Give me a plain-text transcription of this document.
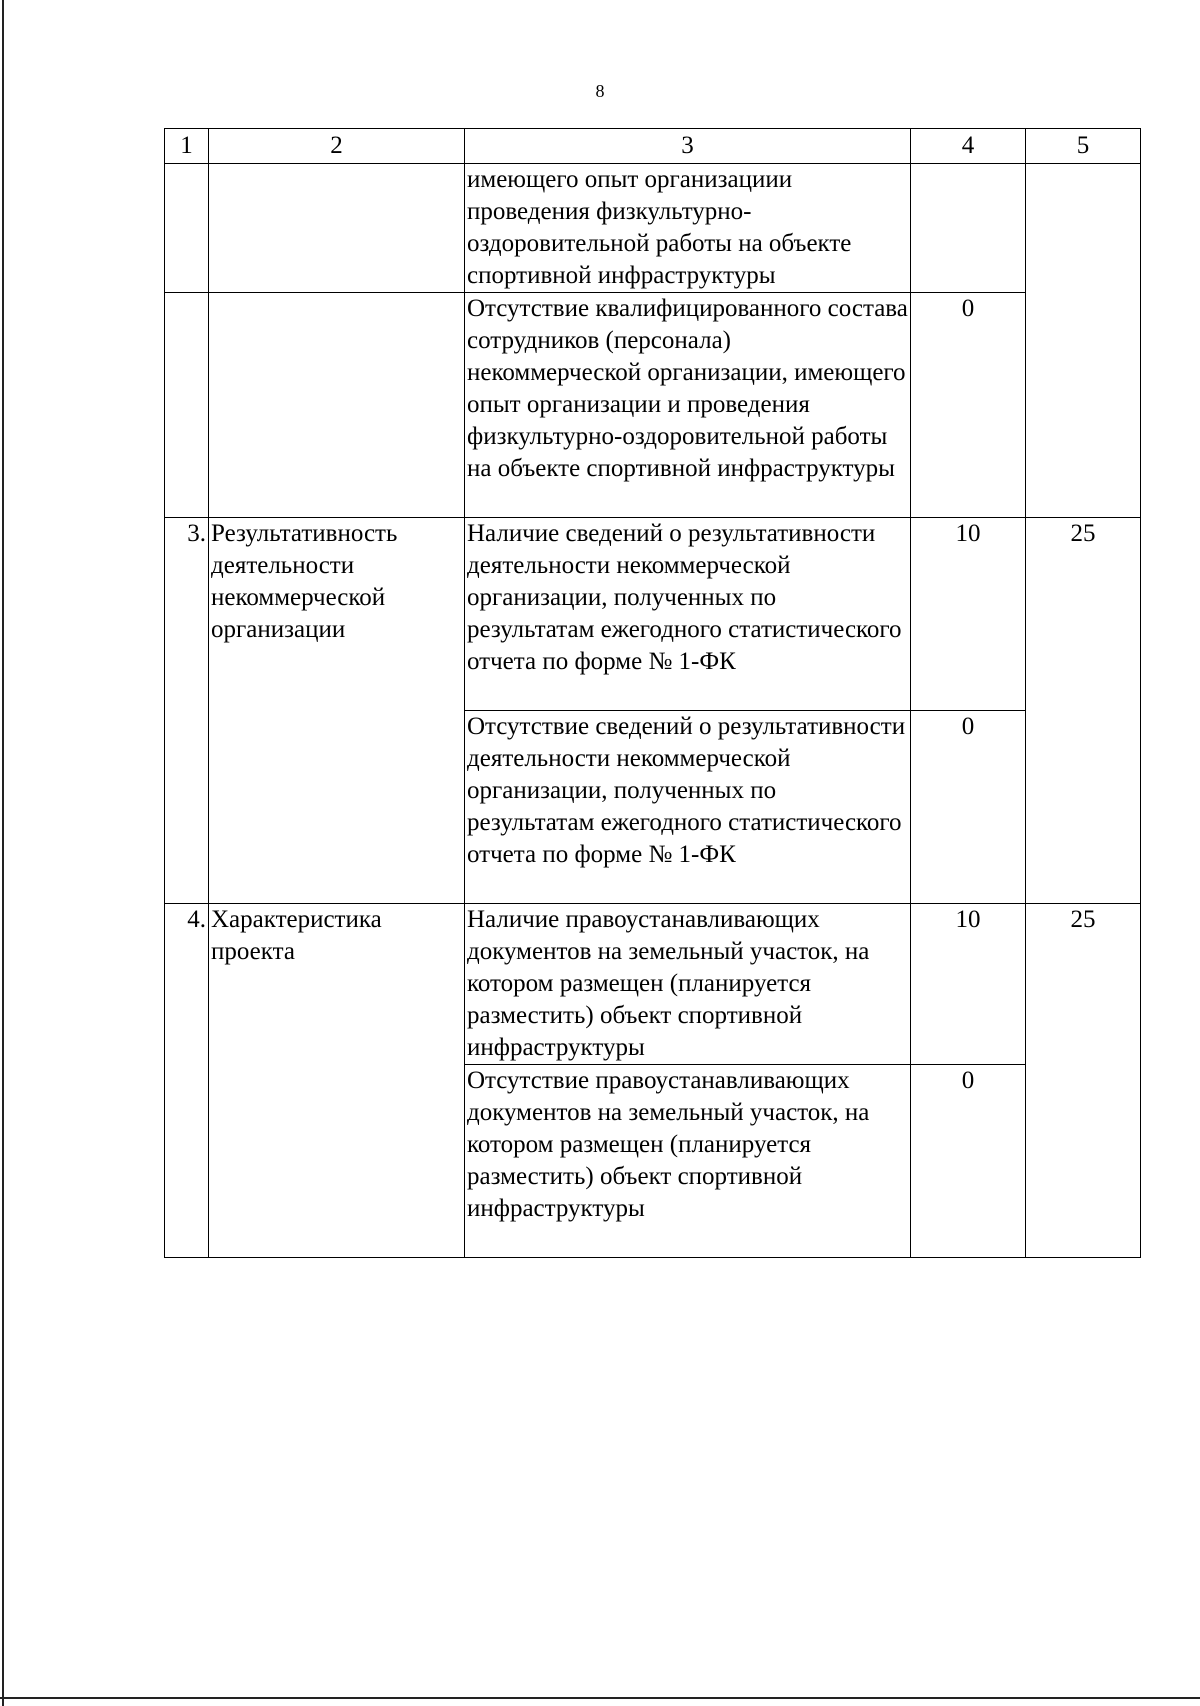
8
1	2	3	4	5
		имеющего опыт организациии проведения физкультурно-оздоровительной работы на объекте спортивной инфраструктуры		
		Отсутствие квалифицированного состава сотрудников (персонала) некоммерческой организации, имеющего опыт организации и проведения физкультурно-оздоровительной работы на объекте спортивной инфраструктуры	0	
3.	Результативность деятельности некоммерческой организации	Наличие сведений о результативности деятельности некоммерческой организации, полученных по результатам ежегодного статистического отчета по форме № 1-ФК	10	25
		Отсутствие сведений о результативности деятельности некоммерческой организации, полученных по результатам ежегодного статистического отчета по форме № 1-ФК	0	
4.	Характеристика проекта	Наличие правоустанавливающих документов на земельный участок, на котором размещен (планируется разместить) объект спортивной инфраструктуры	10	25
		Отсутствие правоустанавливающих документов на земельный участок, на котором размещен (планируется разместить) объект спортивной инфраструктуры	0	
